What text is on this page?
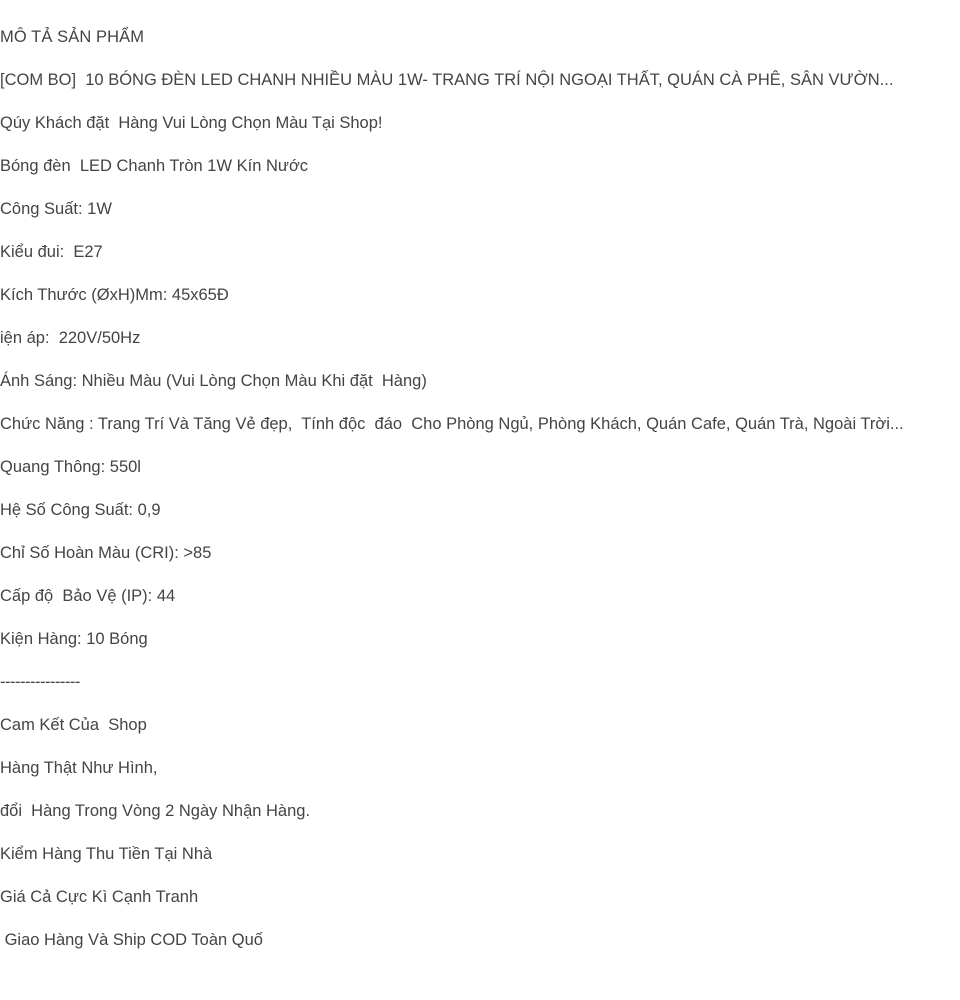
MÔ TẢ SẢN PHẨM
[COM BO]  10 BÓNG ĐÈN LED CHANH NHIỀU MÀU 1W- TRANG TRÍ NỘI NGOẠI THẤT, QUÁN CÀ PHÊ, SÂN VƯỜN...
Qúy Khách đặt  Hàng Vui Lòng Chọn Màu Tại Shop!
Bóng đèn  LED Chanh Tròn 1W Kín Nước
Công Suất: 1W
Kiểu đui:  E27
Kích Thước (ØxH)Mm: 45x65Đ
iện áp:  220V/50Hz
Ánh Sáng: Nhiều Màu (Vui Lòng Chọn Màu Khi đặt  Hàng)
Chức Năng : Trang Trí Và Tăng Vẻ đẹp,  Tính độc  đáo  Cho Phòng Ngủ, Phòng Khách, Quán Cafe, Quán Trà, Ngoài Trời...
Quang Thông: 550l
Hệ Số Công Suất: 0,9
Chỉ Số Hoàn Màu (CRI): >85
Cấp độ  Bảo Vệ (IP): 44
Kiện Hàng: 10 Bóng
----------------
Cam Kết Của  Shop
Hàng Thật Như Hình,
đổi  Hàng Trong Vòng 2 Ngày Nhận Hàng.
Kiểm Hàng Thu Tiền Tại Nhà
Giá Cả Cực Kì Cạnh Tranh
Giao Hàng Và Ship COD Toàn Quố
